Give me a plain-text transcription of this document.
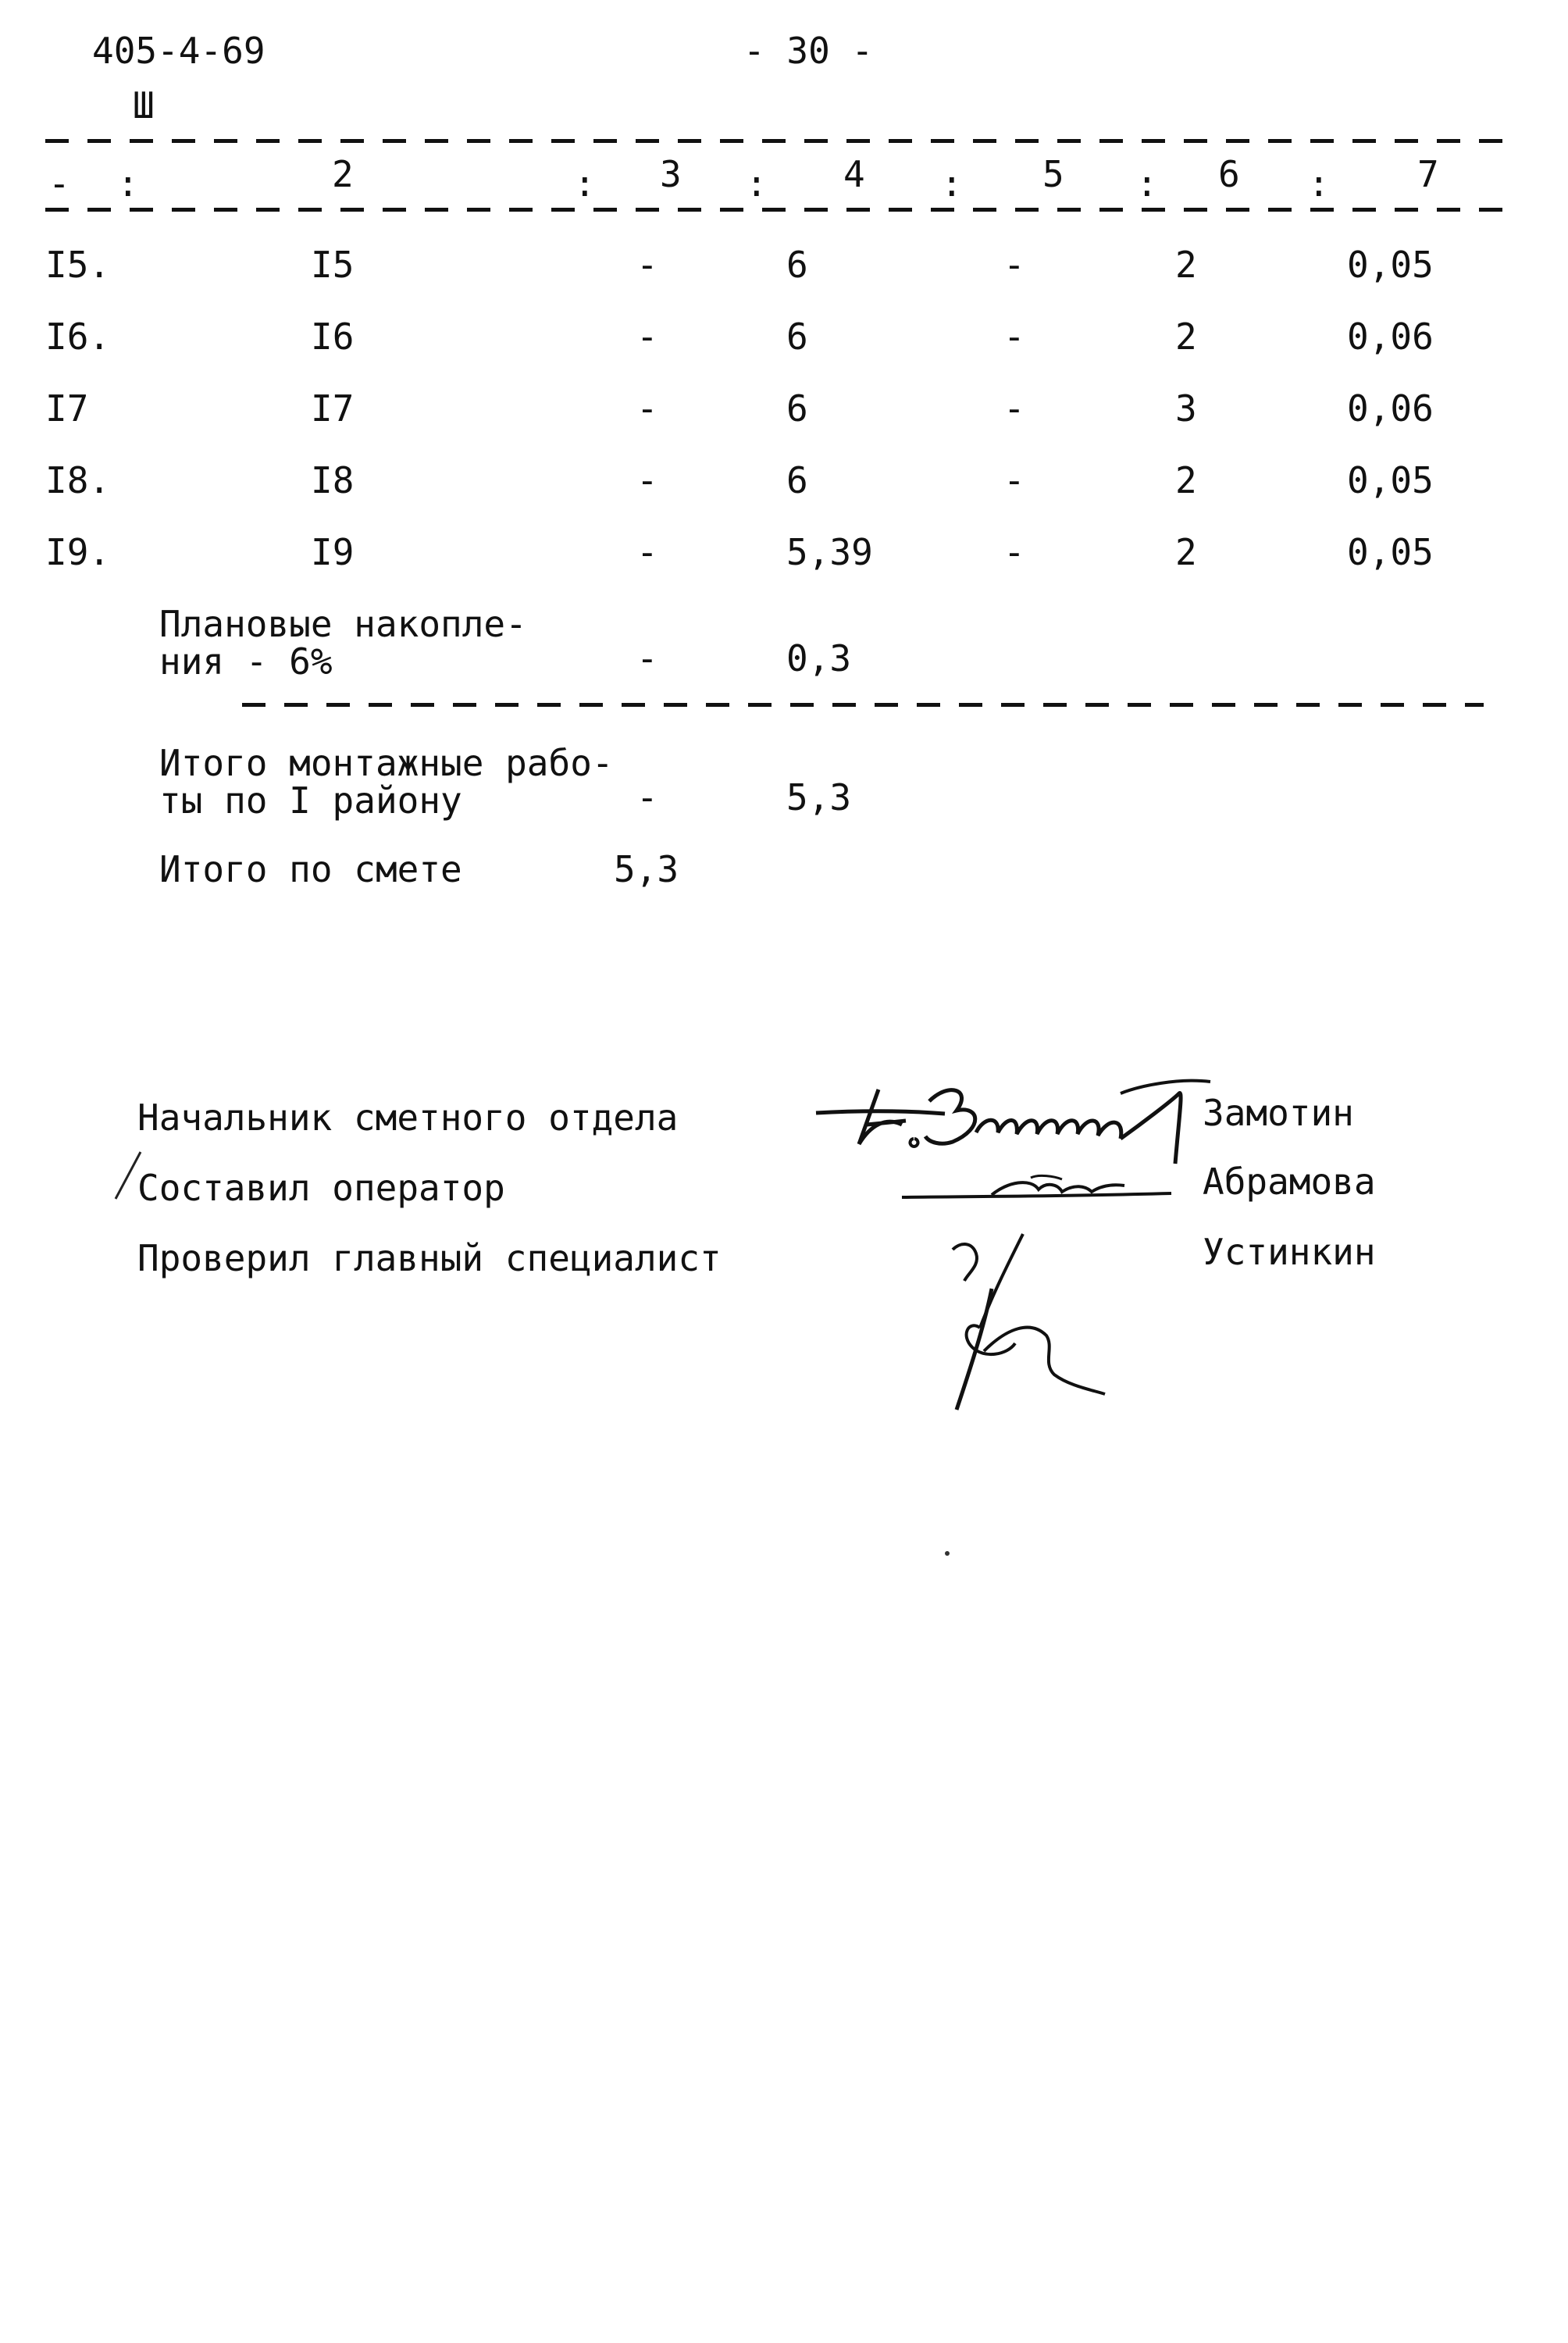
405-4-69
Ш
- 30 -
- :	2	: 3 : 4 : 5 : 6 : 7
I5.	I5	-	6	-	2	0,05
I6.	I6	-	6	-	2	0,06
I7	I7	-	6	-	3	0,06
I8.	I8	-	6	-	2	0,05
I9.	I9	-	5,39	-	2	0,05
Плановые накопле-
ния - 6%	-	0,3
Итого монтажные рабо-
ты по I району	-	5,3
Итого по смете	5,3
Начальник сметного отдела	Замотин
Составил оператор	Абрамова
Проверил главный специалист	Устинкин
